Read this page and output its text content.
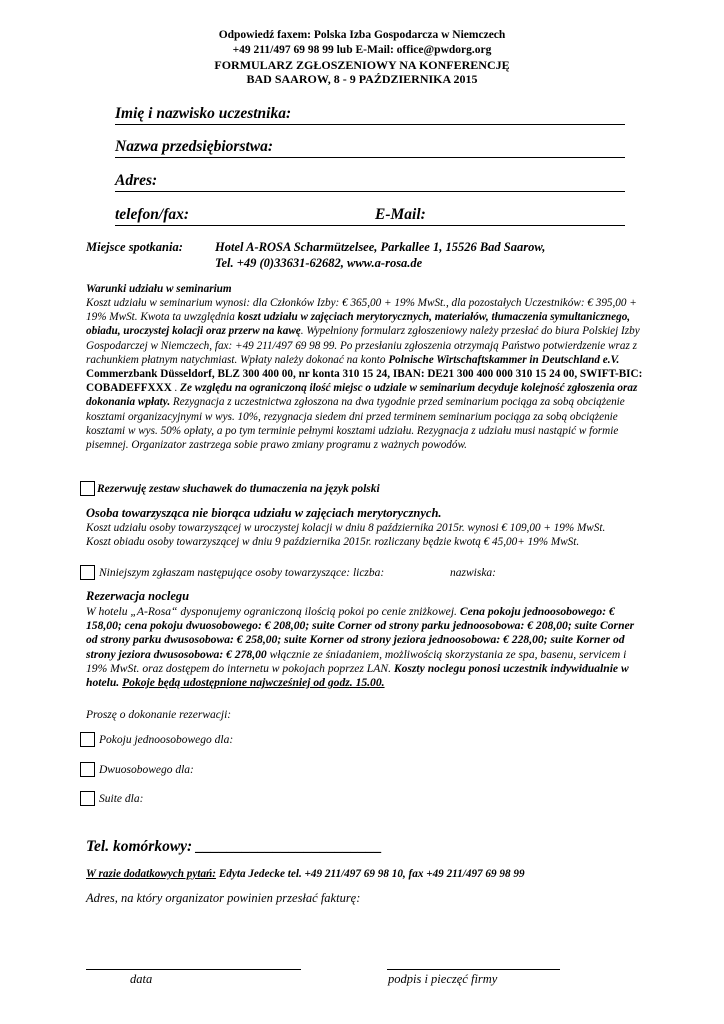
Odpowiedź faxem: Polska Izba Gospodarcza w Niemczech
+49 211/497 69 98 99 lub E-Mail: office@pwdorg.org
FORMULARZ ZGŁOSZENIOWY NA KONFERENCJĘ
BAD SAAROW, 8 - 9 PAŹDZIERNIKA 2015
Imię i nazwisko uczestnika:
Nazwa przedsiębiorstwa:
Adres:
telefon/fax:	E-Mail:
Miejsce spotkania:	Hotel A-ROSA Scharmützelsee, Parkallee 1, 15526 Bad Saarow,
Tel. +49 (0)33631-62682, www.a-rosa.de
Warunki udziału w seminarium
Koszt udziału w seminarium wynosi: dla Członków Izby: € 365,00 + 19% MwSt., dla pozostałych Uczestników: € 395,00 + 19% MwSt. Kwota ta uwzględnia koszt udziału w zajęciach merytorycznych, materiałów, tłumaczenia symultanicznego, obiadu, uroczystej kolacji oraz przerw na kawę. Wypełniony formularz zgłoszeniowy należy przesłać do biura Polskiej Izby Gospodarczej w Niemczech, fax: +49 211/497 69 98 99. Po przesłaniu zgłoszenia otrzymają Państwo potwierdzenie wraz z rachunkiem płatnym natychmiast. Wpłaty należy dokonać na konto Polnische Wirtschaftskammer in Deutschland e.V. Commerzbank Düsseldorf, BLZ 300 400 00, nr konta 310 15 24, IBAN: DE21 300 400 000 310 15 24 00, SWIFT-BIC: COBADEFFXXX . Ze względu na ograniczoną ilość miejsc o udziale w seminarium decyduje kolejność zgłoszenia oraz dokonania wpłaty. Rezygnacja z uczestnictwa zgłoszona na dwa tygodnie przed seminarium pociąga za sobą obciążenie kosztami organizacyjnymi w wys. 10%, rezygnacja siedem dni przed terminem seminarium pociąga za sobą obciążenie kosztami w wys. 50% opłaty, a po tym terminie pełnymi kosztami udziału. Rezygnacja z udziału musi nastąpić w formie pisemnej. Organizator zastrzega sobie prawo zmiany programu z ważnych powodów.
Rezerwuję zestaw słuchawek do tłumaczenia na język polski
Osoba towarzysząca nie biorąca udziału w zajęciach merytorycznych.
Koszt udziału osoby towarzyszącej w uroczystej kolacji w dniu 8 października 2015r. wynosi € 109,00 + 19% MwSt.
Koszt obiadu osoby towarzyszącej w dniu 9 października 2015r. rozliczany będzie kwotą € 45,00+ 19% MwSt.
Niniejszym zgłaszam następujące osoby towarzyszące: liczba:	nazwiska:
Rezerwacja noclegu
W hotelu „A-Rosa“ dysponujemy ograniczoną ilością pokoi po cenie zniżkowej. Cena pokoju jednoosobowego: € 158,00; cena pokoju dwuosobowego: € 208,00; suite Corner od strony parku jednoosobowa: € 208,00; suite Corner od strony parku dwusosobowa: € 258,00; suite Korner od strony jeziora jednoosobowa: € 228,00; suite Korner od strony jeziora dwusosobowa: € 278,00 włącznie ze śniadaniem, możliwością skorzystania ze spa, basenu, servicem i 19% MwSt. oraz dostępem do internetu w pokojach poprzez LAN. Koszty noclegu ponosi uczestnik indywidualnie w hotelu. Pokoje będą udostępnione najwcześniej od godz. 15.00.
Proszę o dokonanie rezerwacji:
Pokoju jednoosobowego dla:
Dwuosobowego dla:
Suite dla:
Tel. komórkowy: ________________________
W razie dodatkowych pytań: Edyta Jedecke tel. +49 211/497 69 98 10, fax +49 211/497 69 98 99
Adres, na który organizator powinien przesłać fakturę:
data	podpis i pieczęć firmy
